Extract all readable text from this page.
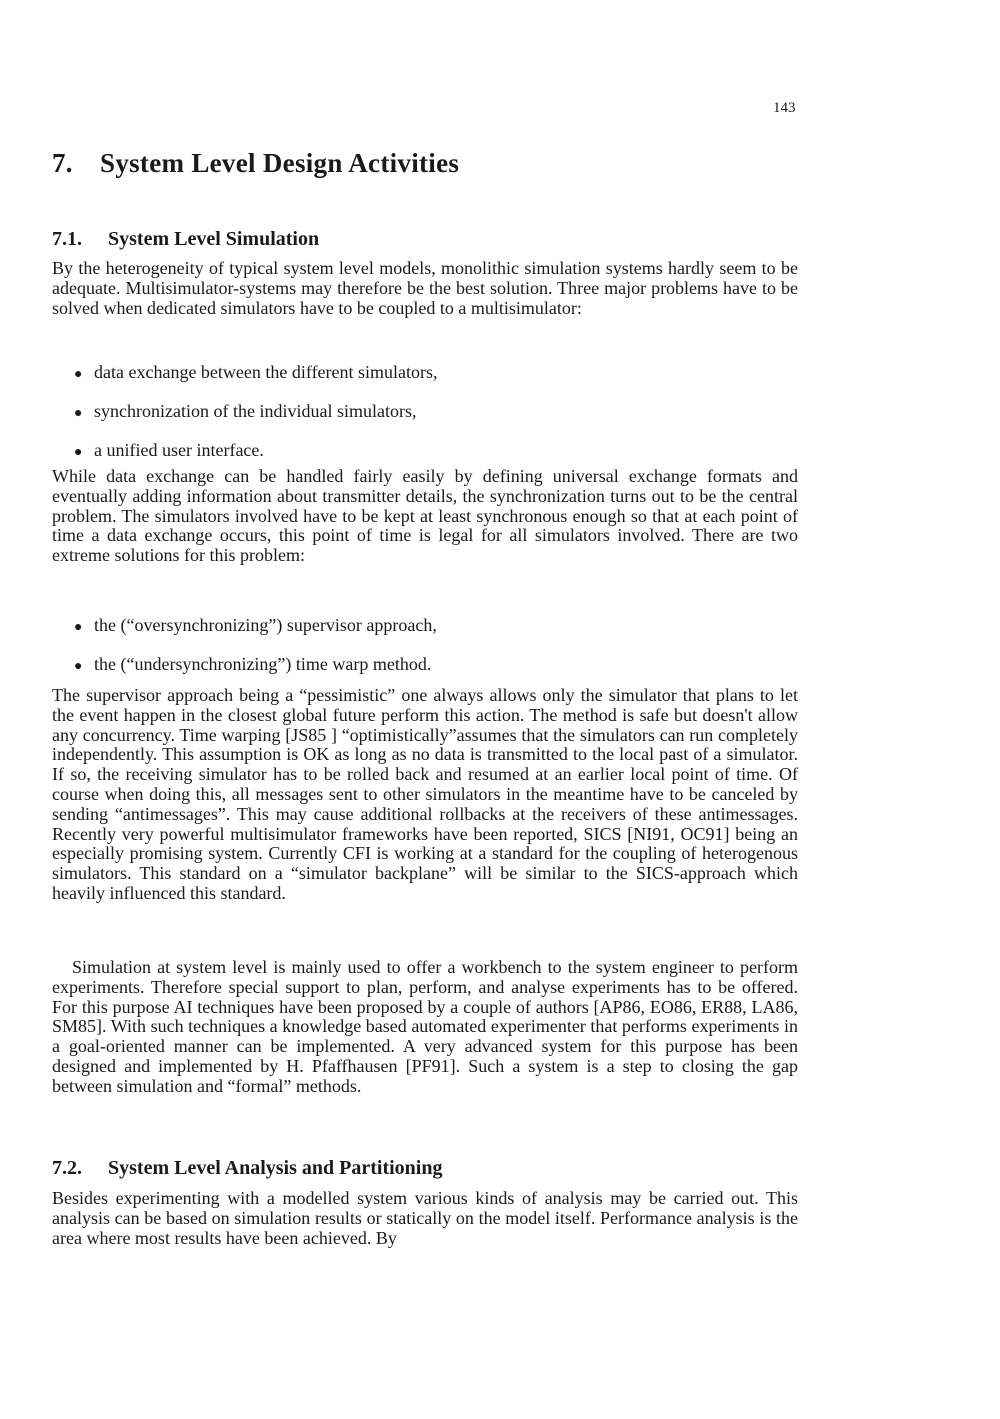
143
7. System Level Design Activities
7.1. System Level Simulation

By the heterogeneity of typical system level models, monolithic simulation systems hardly seem to be adequate. Multisimulator-systems may therefore be the best solution. Three major problems have to be solved when dedicated simulators have to be coupled to a multisimulator:

● data exchange between the different simulators,
● synchronization of the individual simulators,
● a unified user interface.

While data exchange can be handled fairly easily by defining universal exchange formats and eventually adding information about transmitter details, the synchronization turns out to be the central problem. The simulators involved have to be kept at least synchronous enough so that at each point of time a data exchange occurs, this point of time is legal for all simulators involved. There are two extreme solutions for this problem:

● the (“oversynchronizing”) supervisor approach,
● the (“undersynchronizing”) time warp method.

The supervisor approach being a “pessimistic” one always allows only the simulator that plans to let the event happen in the closest global future perform this action. The method is safe but doesn't allow any concurrency. Time warping [JS85 ] “optimistically”assumes that the simulators can run completely independently. This assumption is OK as long as no data is transmitted to the local past of a simulator. If so, the receiving simulator has to be rolled back and resumed at an earlier local point of time. Of course when doing this, all messages sent to other simulators in the meantime have to be canceled by sending “antimessages”. This may cause additional rollbacks at the receivers of these antimessages. Recently very powerful multisimulator frameworks have been reported, SICS [NI91, OC91] being an especially promising system. Currently CFI is working at a standard for the coupling of heterogenous simulators. This standard on a “simulator backplane” will be similar to the SICS-approach which heavily influenced this standard.

Simulation at system level is mainly used to offer a workbench to the system engineer to perform experiments. Therefore special support to plan, perform, and analyse experiments has to be offered. For this purpose AI techniques have been proposed by a couple of authors [AP86, EO86, ER88, LA86, SM85]. With such techniques a knowledge based automated experimenter that performs experiments in a goal-oriented manner can be implemented. A very advanced system for this purpose has been designed and implemented by H. Pfaffhausen [PF91]. Such a system is a step to closing the gap between simulation and “formal” methods.

7.2. System Level Analysis and Partitioning

Besides experimenting with a modelled system various kinds of analysis may be carried out. This analysis can be based on simulation results or statically on the model itself. Performance analysis is the area where most results have been achieved. By
